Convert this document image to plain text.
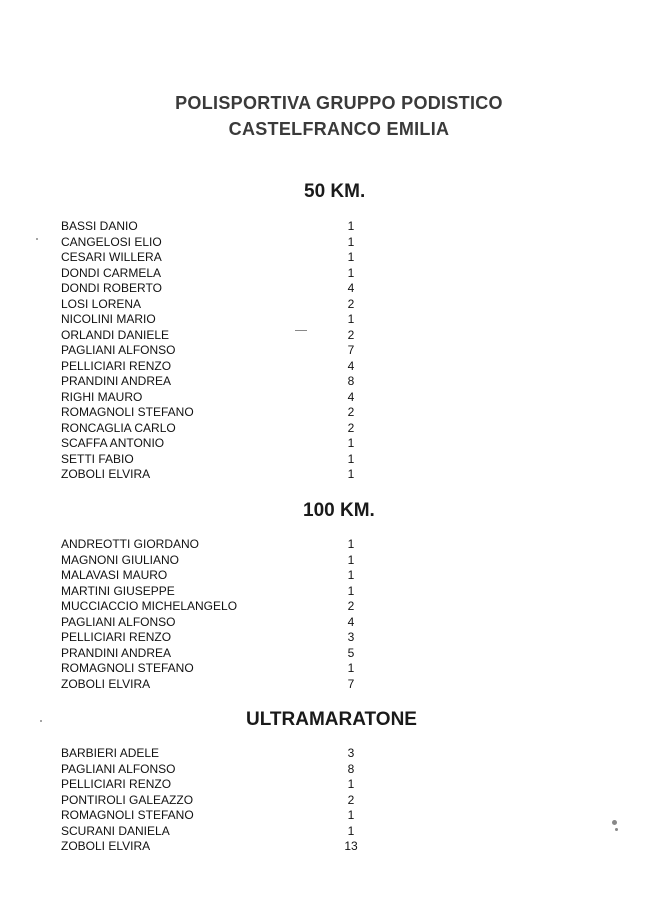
POLISPORTIVA GRUPPO PODISTICO
CASTELFRANCO EMILIA
50 KM.
BASSI DANIO	1
CANGELOSI ELIO	1
CESARI WILLERA	1
DONDI CARMELA	1
DONDI ROBERTO	4
LOSI LORENA	2
NICOLINI MARIO	1
ORLANDI DANIELE	2
PAGLIANI ALFONSO	7
PELLICIARI RENZO	4
PRANDINI ANDREA	8
RIGHI MAURO	4
ROMAGNOLI STEFANO	2
RONCAGLIA CARLO	2
SCAFFA ANTONIO	1
SETTI FABIO	1
ZOBOLI ELVIRA	1
100 KM.
ANDREOTTI GIORDANO	1
MAGNONI GIULIANO	1
MALAVASI MAURO	1
MARTINI GIUSEPPE	1
MUCCIACCIO MICHELANGELO	2
PAGLIANI ALFONSO	4
PELLICIARI RENZO	3
PRANDINI ANDREA	5
ROMAGNOLI STEFANO	1
ZOBOLI ELVIRA	7
ULTRAMARATONE
BARBIERI ADELE	3
PAGLIANI ALFONSO	8
PELLICIARI RENZO	1
PONTIROLI GALEAZZO	2
ROMAGNOLI STEFANO	1
SCURANI DANIELA	1
ZOBOLI ELVIRA	13
